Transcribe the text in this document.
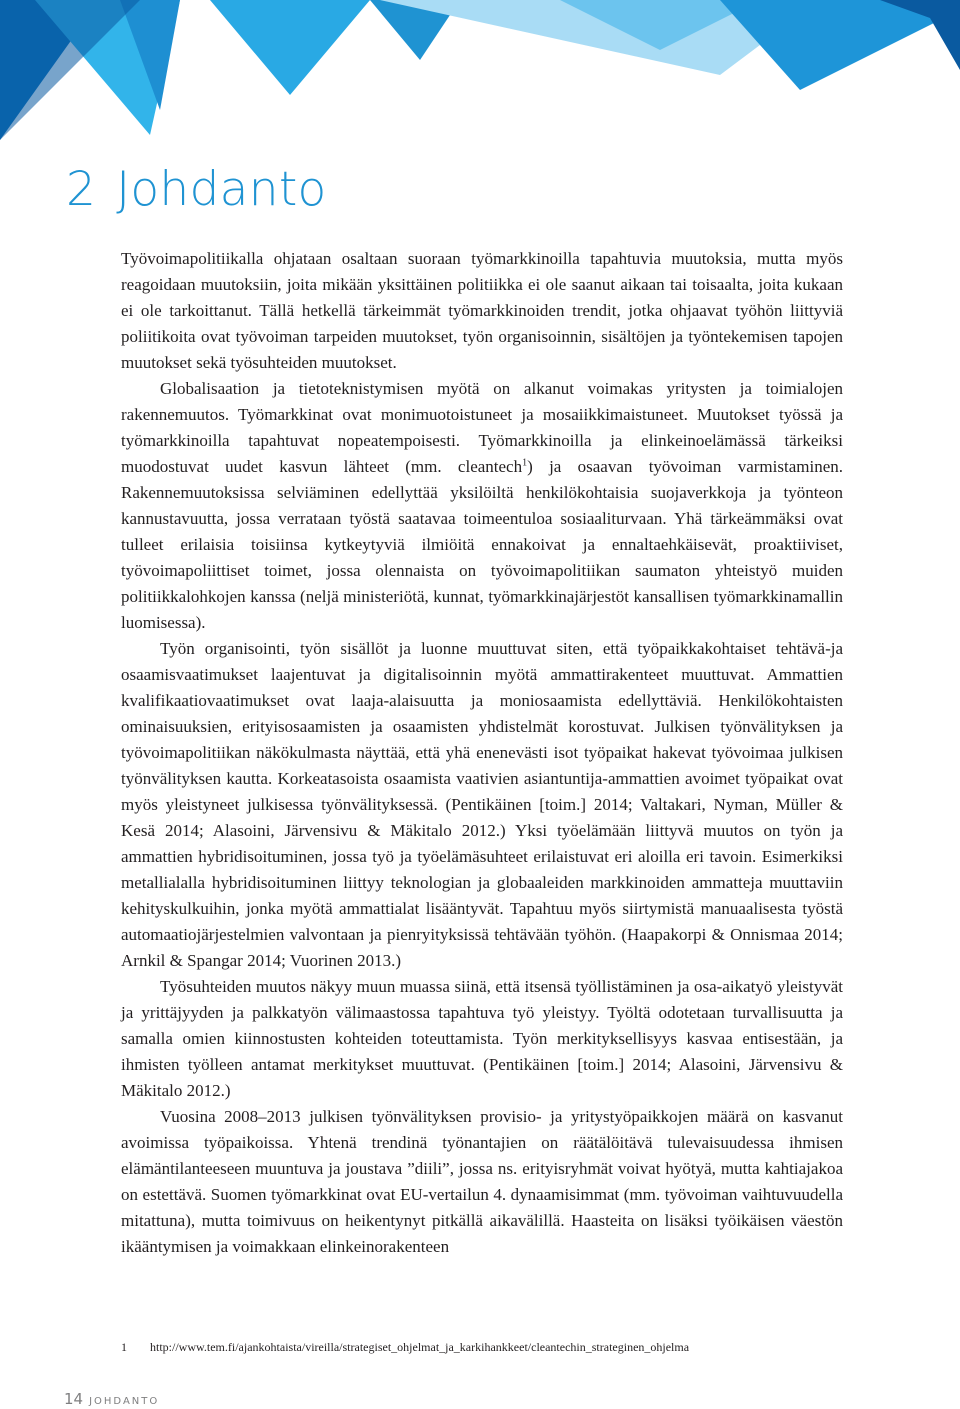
2 Johdanto

Työvoimapolitiikalla ohjataan osaltaan suoraan työmarkkinoilla tapahtuvia muutoksia, mutta myös reagoidaan muutoksiin, joita mikään yksittäinen politiikka ei ole saanut aikaan tai toisaalta, joita kukaan ei ole tarkoittanut. Tällä hetkellä tärkeimmät työmarkkinoiden trendit, jotka ohjaavat työhön liittyviä poliitikoita ovat työvoiman tarpeiden muutokset, työn organisoinnin, sisältöjen ja työntekemisen tapojen muutokset sekä työsuhteiden muutokset.

Globalisaation ja tietoteknistymisen myötä on alkanut voimakas yritysten ja toimialojen rakennemuutos. Työmarkkinat ovat monimuotoistuneet ja mosaiikkimaistuneet. Muutokset työssä ja työmarkkinoilla tapahtuvat nopeatempoisesti. Työmarkkinoilla ja elinkeinoelämässä tärkeiksi muodostuvat uudet kasvun lähteet (mm. cleantech$^1$) ja osaavan työvoiman varmistaminen. Rakennemuutoksissa selviäminen edellyttää yksilöiltä henkilökohtaisia suojaverkkoja ja työnteon kannustavuutta, jossa verrataan työstä saatavaa toimeentuloa sosiaaliturvaan. Yhä tärkeämmäksi ovat tulleet erilaisia toisiinsa kytkeytyviä ilmiöitä ennakoivat ja ennaltaehkäisevät, proaktiiviset, työvoimapoliittiset toimet, jossa olennaista on työvoimapolitiikan saumaton yhteistyö muiden politiikkalohkojen kanssa (neljä ministeriötä, kunnat, työmarkkinajärjestöt kansallisen työmarkkinamallin luomisessa).

Työn organisointi, työn sisällöt ja luonne muuttuvat siten, että työpaikkakohtaiset tehtävä-ja osaamisvaatimukset laajentuvat ja digitalisoinnin myötä ammattirakenteet muuttuvat. Ammattien kvalifikaatiovaatimukset ovat laaja-alaisuutta ja moniosaamista edellyttäviä. Henkilökohtaisten ominaisuuksien, erityisosaamisten ja osaamisten yhdistelmät korostuvat. Julkisen työnvälityksen ja työvoimapolitiikan näkökulmasta näyttää, että yhä enenevästi isot työpaikat hakevat työvoimaa julkisen työnvälityksen kautta. Korkeatasoista osaamista vaativien asiantuntija-ammattien avoimet työpaikat ovat myös yleistyneet julkisessa työnvälityksessä. (Pentikäinen [toim.] 2014; Valtakari, Nyman, Müller & Kesä 2014; Alasoini, Järvensivu & Mäkitalo 2012.) Yksi työelämään liittyvä muutos on työn ja ammattien hybridisoituminen, jossa työ ja työelämäsuhteet erilaistuvat eri aloilla eri tavoin. Esimerkiksi metallialalla hybridisoituminen liittyy teknologian ja globaaleiden markkinoiden ammatteja muuttaviin kehityskulkuihin, jonka myötä ammattialat lisääntyvät. Tapahtuu myös siirtymistä manuaalisesta työstä automaatiojärjestelmien valvontaan ja pienryityksissä tehtävään työhön. (Haapakorpi & Onnismaa 2014; Arnkil & Spangar 2014; Vuorinen 2013.)

Työsuhteiden muutos näkyy muun muassa siinä, että itsensä työllistäminen ja osa-aikatyö yleistyvät ja yrittäjyyden ja palkkatyön välimaastossa tapahtuva työ yleistyy. Työltä odotetaan turvallisuutta ja samalla omien kiinnostusten kohteiden toteuttamista. Työn merkityksellisyys kasvaa entisestään, ja ihmisten työlleen antamat merkitykset muuttuvat. (Pentikäinen [toim.] 2014; Alasoini, Järvensivu & Mäkitalo 2012.)

Vuosina 2008–2013 julkisen työnvälityksen provisio- ja yritystyöpaikkojen määrä on kasvanut avoimissa työpaikoissa. Yhtenä trendinä työnantajien on räätälöitävä tulevaisuudessa ihmisen elämäntilanteeseen muuntuva ja joustava ”diili”, jossa ns. erityisryhmät voivat hyötyä, mutta kahtiajakoa on estettävä. Suomen työmarkkinat ovat EU-vertailun 4. dynaamisimmat (mm. työvoiman vaihtuvuudella mitattuna), mutta toimivuus on heikentynyt pitkällä aikavälillä. Haasteita on lisäksi työikäisen väestön ikääntymisen ja voimakkaan elinkeinorakenteen

1 http://www.tem.fi/ajankohtaista/vireilla/strategiset_ohjelmat_ja_karkihankkeet/cleantechin_strateginen_ohjelma
14 JOHDANTO
